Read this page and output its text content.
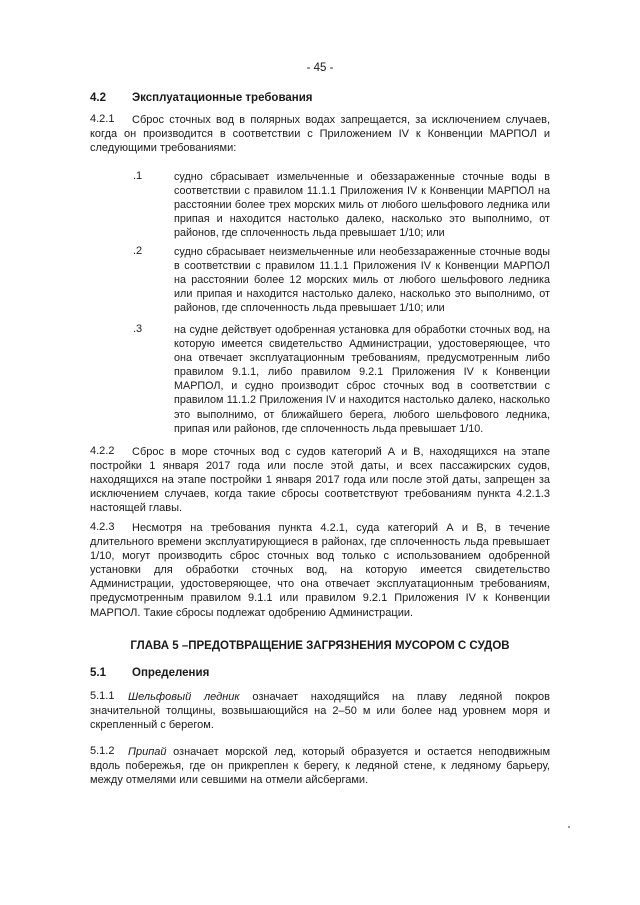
- 45 -
4.2 Эксплуатационные требования
4.2.1	Сброс сточных вод в полярных водах запрещается, за исключением случаев, когда он производится в соответствии с Приложением IV к Конвенции МАРПОЛ и следующими требованиями:
.1	судно сбрасывает измельченные и обеззараженные сточные воды в соответствии с правилом 11.1.1 Приложения IV к Конвенции МАРПОЛ на расстоянии более трех морских миль от любого шельфового ледника или припая и находится настолько далеко, насколько это выполнимо, от районов, где сплоченность льда превышает 1/10; или
.2	судно сбрасывает неизмельченные или необеззараженные сточные воды в соответствии с правилом 11.1.1 Приложения IV к Конвенции МАРПОЛ на расстоянии более 12 морских миль от любого шельфового ледника или припая и находится настолько далеко, насколько это выполнимо, от районов, где сплоченность льда превышает 1/10; или
.3	на судне действует одобренная установка для обработки сточных вод, на которую имеется свидетельство Администрации, удостоверяющее, что она отвечает эксплуатационным требованиям, предусмотренным либо правилом 9.1.1, либо правилом 9.2.1 Приложения IV к Конвенции МАРПОЛ, и судно производит сброс сточных вод в соответствии с правилом 11.1.2 Приложения IV и находится настолько далеко, насколько это выполнимо, от ближайшего берега, любого шельфового ледника, припая или районов, где сплоченность льда превышает 1/10.
4.2.2	Сброс в море сточных вод с судов категорий А и В, находящихся на этапе постройки 1 января 2017 года или после этой даты, и всех пассажирских судов, находящихся на этапе постройки 1 января 2017 года или после этой даты, запрещен за исключением случаев, когда такие сбросы соответствуют требованиям пункта 4.2.1.3 настоящей главы.
4.2.3	Несмотря на требования пункта 4.2.1, суда категорий А и В, в течение длительного времени эксплуатирующиеся в районах, где сплоченность льда превышает 1/10, могут производить сброс сточных вод только с использованием одобренной установки для обработки сточных вод, на которую имеется свидетельство Администрации, удостоверяющее, что она отвечает эксплуатационным требованиям, предусмотренным правилом 9.1.1 или правилом 9.2.1 Приложения IV к Конвенции МАРПОЛ. Такие сбросы подлежат одобрению Администрации.
ГЛАВА 5 –ПРЕДОТВРАЩЕНИЕ ЗАГРЯЗНЕНИЯ МУСОРОМ С СУДОВ
5.1 Определения
5.1.1	Шельфовый ледник означает находящийся на плаву ледяной покров значительной толщины, возвышающийся на 2–50 м или более над уровнем моря и скрепленный с берегом.
5.1.2	Припай означает морской лед, который образуется и остается неподвижным вдоль побережья, где он прикреплен к берегу, к ледяной стене, к ледяному барьеру, между отмелями или севшими на отмели айсбергами.
